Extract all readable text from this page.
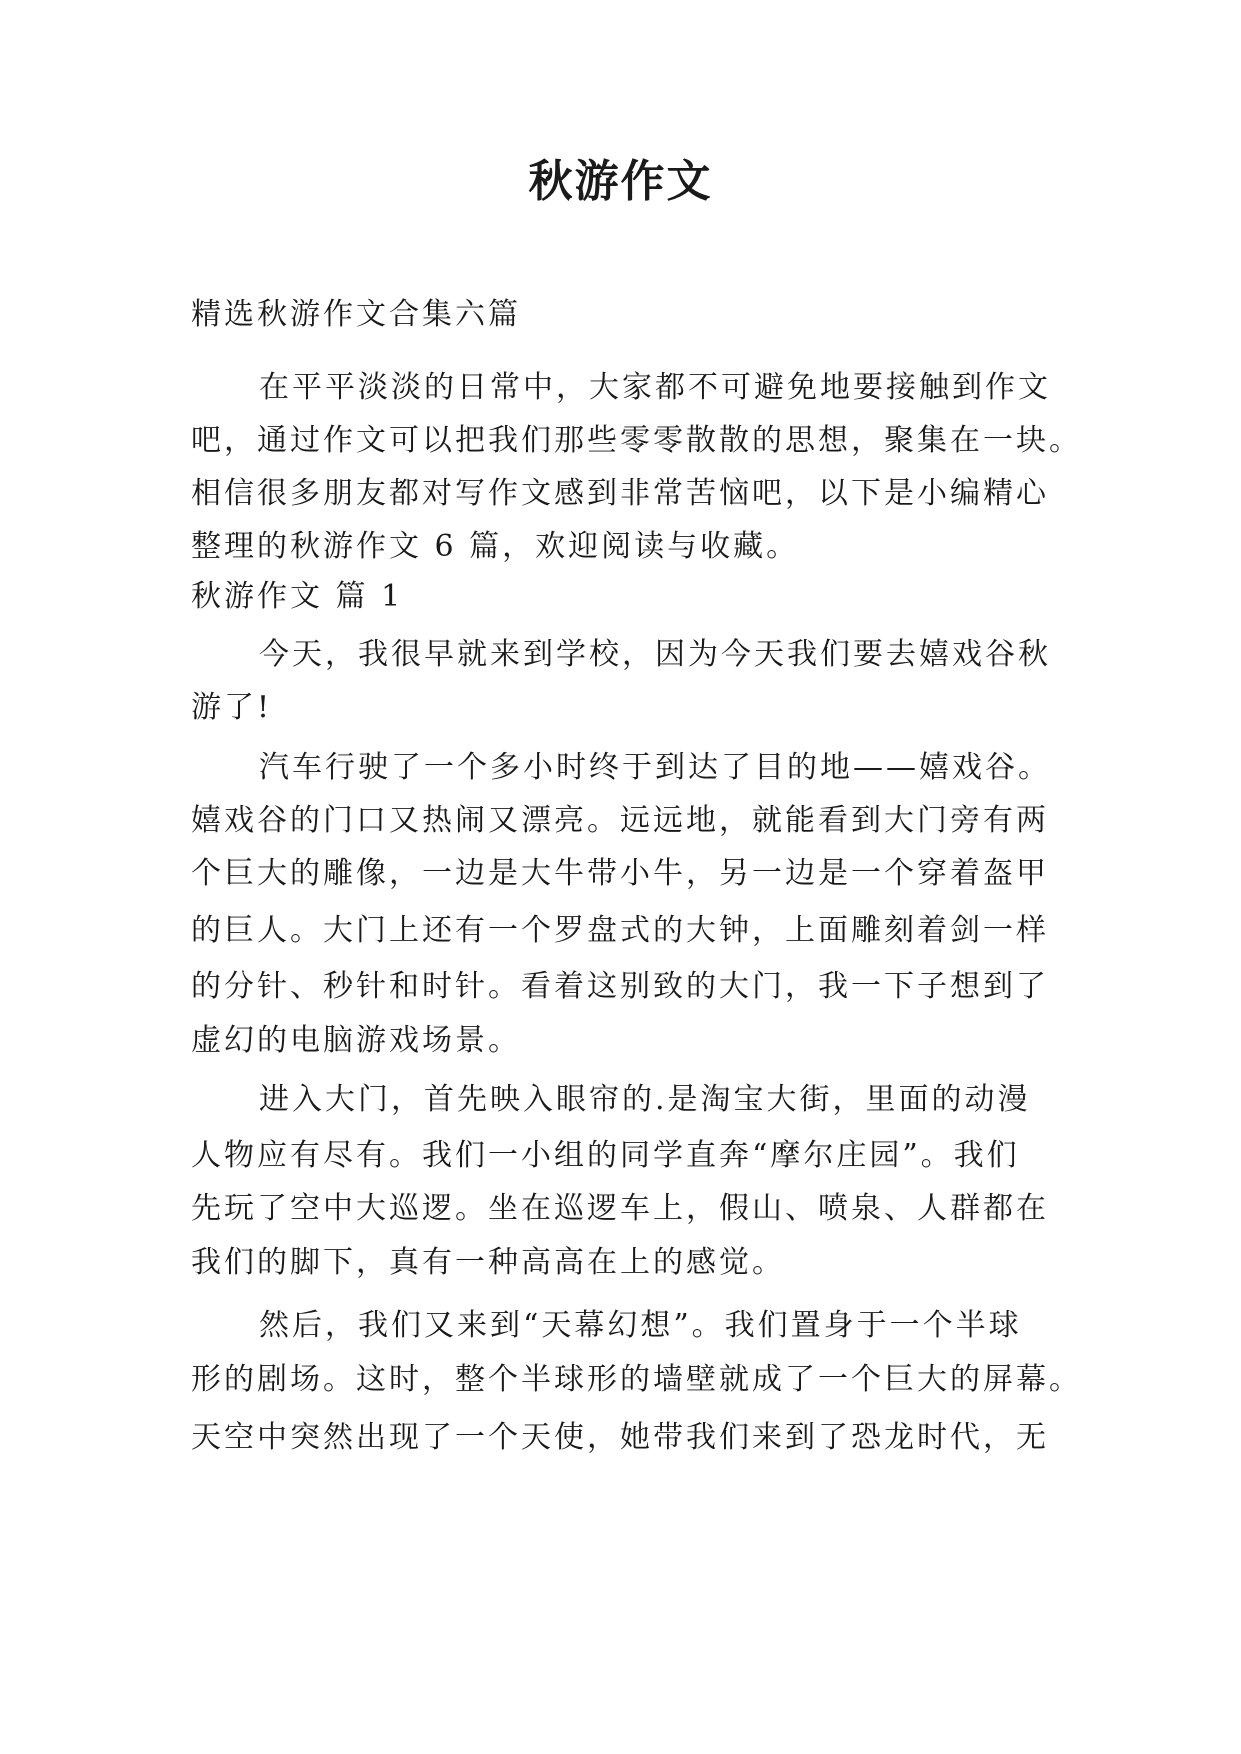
秋游作文

精选秋游作文合集六篇

在平平淡淡的日常中，大家都不可避免地要接触到作文

吧，通过作文可以把我们那些零零散散的思想，聚集在一块。

相信很多朋友都对写作文感到非常苦恼吧，以下是小编精心

整理的秋游作文 6 篇，欢迎阅读与收藏。

秋游作文 篇 1

今天，我很早就来到学校，因为今天我们要去嬉戏谷秋

游了!

汽车行驶了一个多小时终于到达了目的地——嬉戏谷。

嬉戏谷的门口又热闹又漂亮。远远地，就能看到大门旁有两

个巨大的雕像，一边是大牛带小牛，另一边是一个穿着盔甲

的巨人。大门上还有一个罗盘式的大钟，上面雕刻着剑一样

的分针、秒针和时针。看着这别致的大门，我一下子想到了

虚幻的电脑游戏场景。

进入大门，首先映入眼帘的.是淘宝大街，里面的动漫

人物应有尽有。我们一小组的同学直奔“摩尔庄园”。我们

先玩了空中大巡逻。坐在巡逻车上，假山、喷泉、人群都在

我们的脚下，真有一种高高在上的感觉。

然后，我们又来到“天幕幻想”。我们置身于一个半球

形的剧场。这时，整个半球形的墙壁就成了一个巨大的屏幕。

天空中突然出现了一个天使，她带我们来到了恐龙时代，无
